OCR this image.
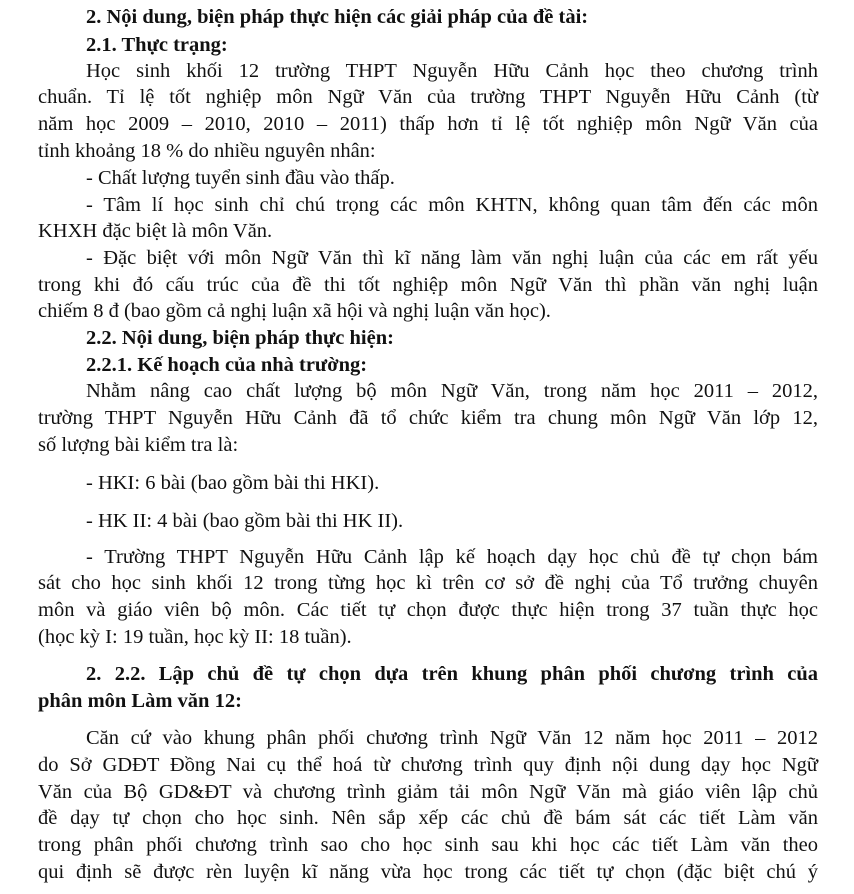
2. Nội dung, biện pháp thực hiện các giải pháp của đề tài:
2.1. Thực trạng:
Học sinh khối 12 trường THPT Nguyễn Hữu Cảnh học theo chương trình
chuẩn. Tỉ lệ tốt nghiệp môn Ngữ Văn của trường THPT Nguyễn Hữu Cảnh (từ
năm học 2009 – 2010, 2010 – 2011) thấp hơn tỉ lệ tốt nghiệp môn Ngữ Văn của
tỉnh khoảng 18 % do nhiều nguyên nhân:
- Chất lượng tuyển sinh đầu vào thấp.
- Tâm lí học sinh chỉ chú trọng các môn KHTN, không quan tâm đến các môn
KHXH đặc biệt là môn Văn.
- Đặc biệt với môn Ngữ Văn thì kĩ năng làm văn nghị luận của các em rất yếu
trong khi đó cấu trúc của đề thi tốt nghiệp môn Ngữ Văn thì phần văn nghị luận
chiếm 8 đ (bao gồm cả nghị luận xã hội và nghị luận văn học).
2.2. Nội dung, biện pháp thực hiện:
2.2.1. Kế hoạch của nhà trường:
Nhằm nâng cao chất lượng bộ môn Ngữ Văn, trong năm học 2011 – 2012,
trường THPT Nguyễn Hữu Cảnh đã tổ chức kiểm tra chung môn Ngữ Văn lớp 12,
số lượng bài kiểm tra là:
- HKI: 6 bài (bao gồm bài thi HKI).
- HK II: 4 bài (bao gồm bài thi HK II).
- Trường THPT Nguyễn Hữu Cảnh lập kế hoạch dạy học chủ đề tự chọn bám
sát cho học sinh khối 12 trong từng học kì trên cơ sở đề nghị của Tổ trưởng chuyên
môn và giáo viên bộ môn. Các tiết tự chọn được thực hiện trong 37 tuần thực học
(học kỳ I: 19 tuần, học kỳ II: 18 tuần).
2. 2.2. Lập chủ đề tự chọn dựa trên khung phân phối chương trình của
phân môn Làm văn 12:
Căn cứ vào khung phân phối chương trình Ngữ Văn 12 năm học 2011 – 2012
do Sở GDĐT Đồng Nai cụ thể hoá từ chương trình quy định nội dung dạy học Ngữ
Văn của Bộ GD&ĐT và chương trình giảm tải môn Ngữ Văn mà giáo viên lập chủ
đề dạy tự chọn cho học sinh. Nên sắp xếp các chủ đề bám sát các tiết Làm văn
trong phân phối chương trình sao cho học sinh sau khi học các tiết Làm văn theo
qui định sẽ được rèn luyện kĩ năng vừa học trong các tiết tự chọn (đặc biệt chú ý
